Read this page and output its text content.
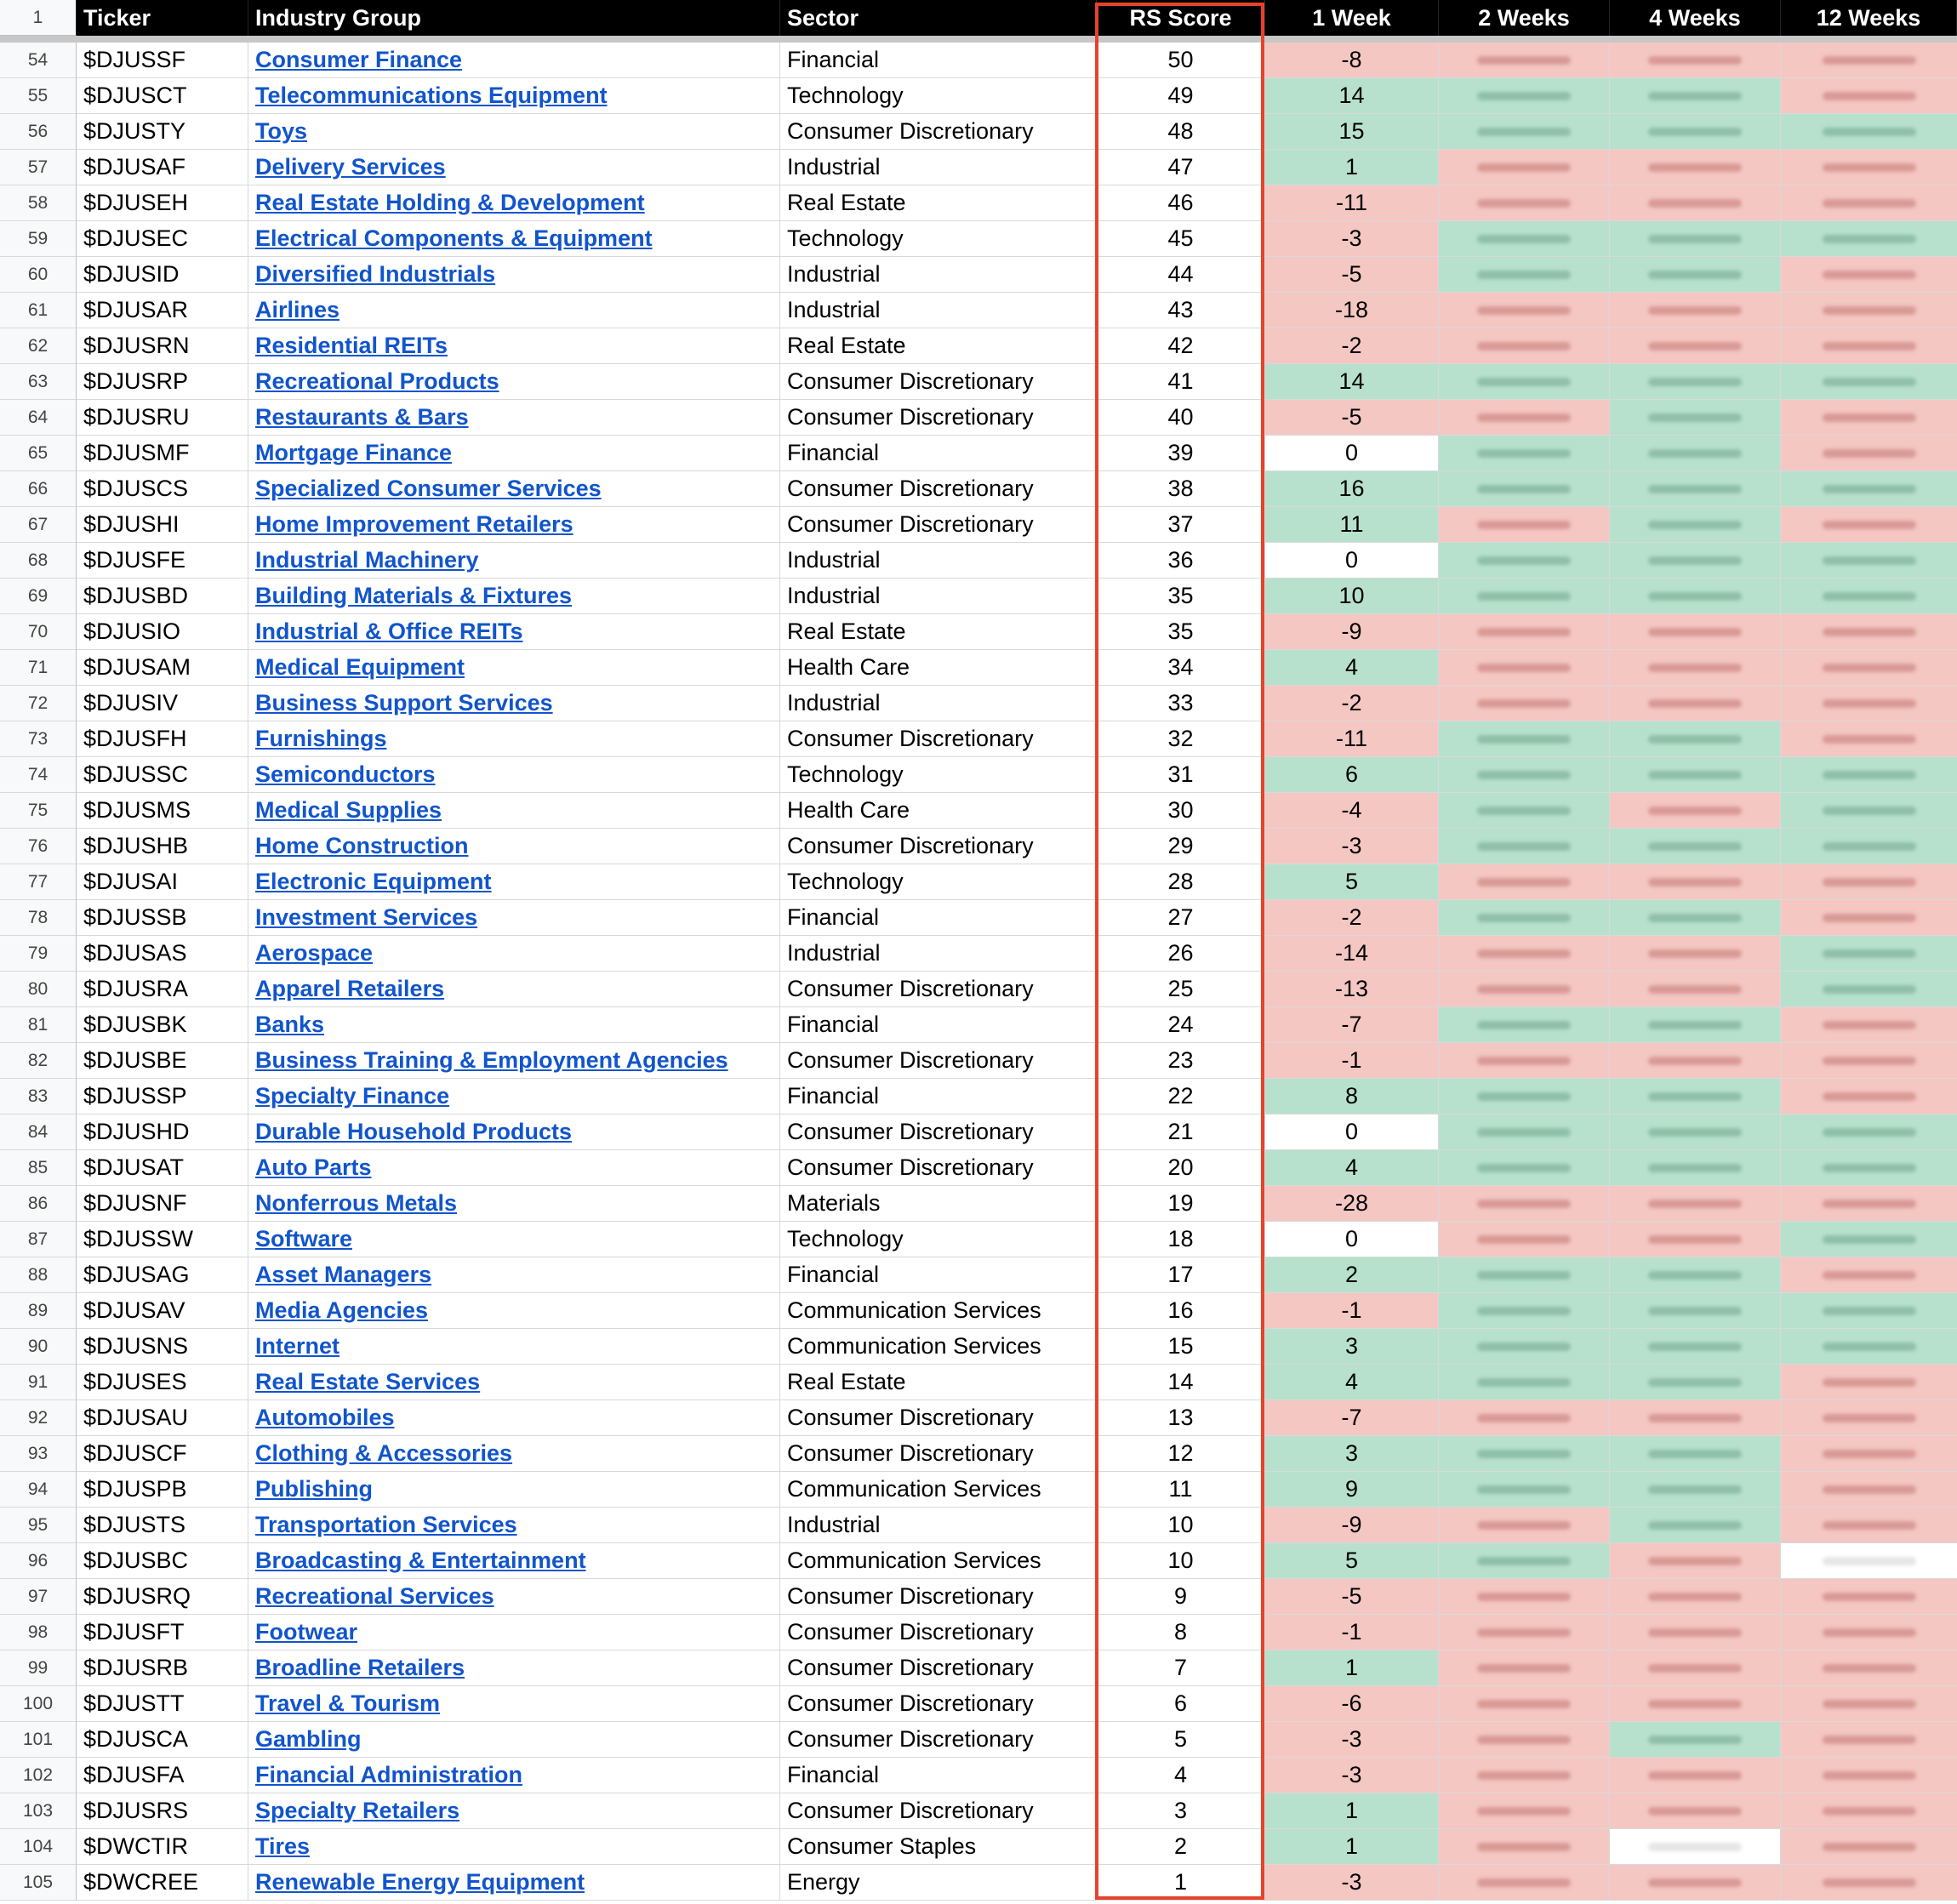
1	Ticker	Industry Group	Sector	RS Score	1 Week	2 Weeks	4 Weeks	12 Weeks
54	$DJUSSF	Consumer Finance	Financial	50	-8
55	$DJUSCT	Telecommunications Equipment	Technology	49	14
56	$DJUSTY	Toys	Consumer Discretionary	48	15
57	$DJUSAF	Delivery Services	Industrial	47	1
58	$DJUSEH	Real Estate Holding & Development	Real Estate	46	-11
59	$DJUSEC	Electrical Components & Equipment	Technology	45	-3
60	$DJUSID	Diversified Industrials	Industrial	44	-5
61	$DJUSAR	Airlines	Industrial	43	-18
62	$DJUSRN	Residential REITs	Real Estate	42	-2
63	$DJUSRP	Recreational Products	Consumer Discretionary	41	14
64	$DJUSRU	Restaurants & Bars	Consumer Discretionary	40	-5
65	$DJUSMF	Mortgage Finance	Financial	39	0
66	$DJUSCS	Specialized Consumer Services	Consumer Discretionary	38	16
67	$DJUSHI	Home Improvement Retailers	Consumer Discretionary	37	11
68	$DJUSFE	Industrial Machinery	Industrial	36	0
69	$DJUSBD	Building Materials & Fixtures	Industrial	35	10
70	$DJUSIO	Industrial & Office REITs	Real Estate	35	-9
71	$DJUSAM	Medical Equipment	Health Care	34	4
72	$DJUSIV	Business Support Services	Industrial	33	-2
73	$DJUSFH	Furnishings	Consumer Discretionary	32	-11
74	$DJUSSC	Semiconductors	Technology	31	6
75	$DJUSMS	Medical Supplies	Health Care	30	-4
76	$DJUSHB	Home Construction	Consumer Discretionary	29	-3
77	$DJUSAI	Electronic Equipment	Technology	28	5
78	$DJUSSB	Investment Services	Financial	27	-2
79	$DJUSAS	Aerospace	Industrial	26	-14
80	$DJUSRA	Apparel Retailers	Consumer Discretionary	25	-13
81	$DJUSBK	Banks	Financial	24	-7
82	$DJUSBE	Business Training & Employment Agencies	Consumer Discretionary	23	-1
83	$DJUSSP	Specialty Finance	Financial	22	8
84	$DJUSHD	Durable Household Products	Consumer Discretionary	21	0
85	$DJUSAT	Auto Parts	Consumer Discretionary	20	4
86	$DJUSNF	Nonferrous Metals	Materials	19	-28
87	$DJUSSW	Software	Technology	18	0
88	$DJUSAG	Asset Managers	Financial	17	2
89	$DJUSAV	Media Agencies	Communication Services	16	-1
90	$DJUSNS	Internet	Communication Services	15	3
91	$DJUSES	Real Estate Services	Real Estate	14	4
92	$DJUSAU	Automobiles	Consumer Discretionary	13	-7
93	$DJUSCF	Clothing & Accessories	Consumer Discretionary	12	3
94	$DJUSPB	Publishing	Communication Services	11	9
95	$DJUSTS	Transportation Services	Industrial	10	-9
96	$DJUSBC	Broadcasting & Entertainment	Communication Services	10	5
97	$DJUSRQ	Recreational Services	Consumer Discretionary	9	-5
98	$DJUSFT	Footwear	Consumer Discretionary	8	-1
99	$DJUSRB	Broadline Retailers	Consumer Discretionary	7	1
100	$DJUSTT	Travel & Tourism	Consumer Discretionary	6	-6
101	$DJUSCA	Gambling	Consumer Discretionary	5	-3
102	$DJUSFA	Financial Administration	Financial	4	-3
103	$DJUSRS	Specialty Retailers	Consumer Discretionary	3	1
104	$DWCTIR	Tires	Consumer Staples	2	1
105	$DWCREE	Renewable Energy Equipment	Energy	1	-3
